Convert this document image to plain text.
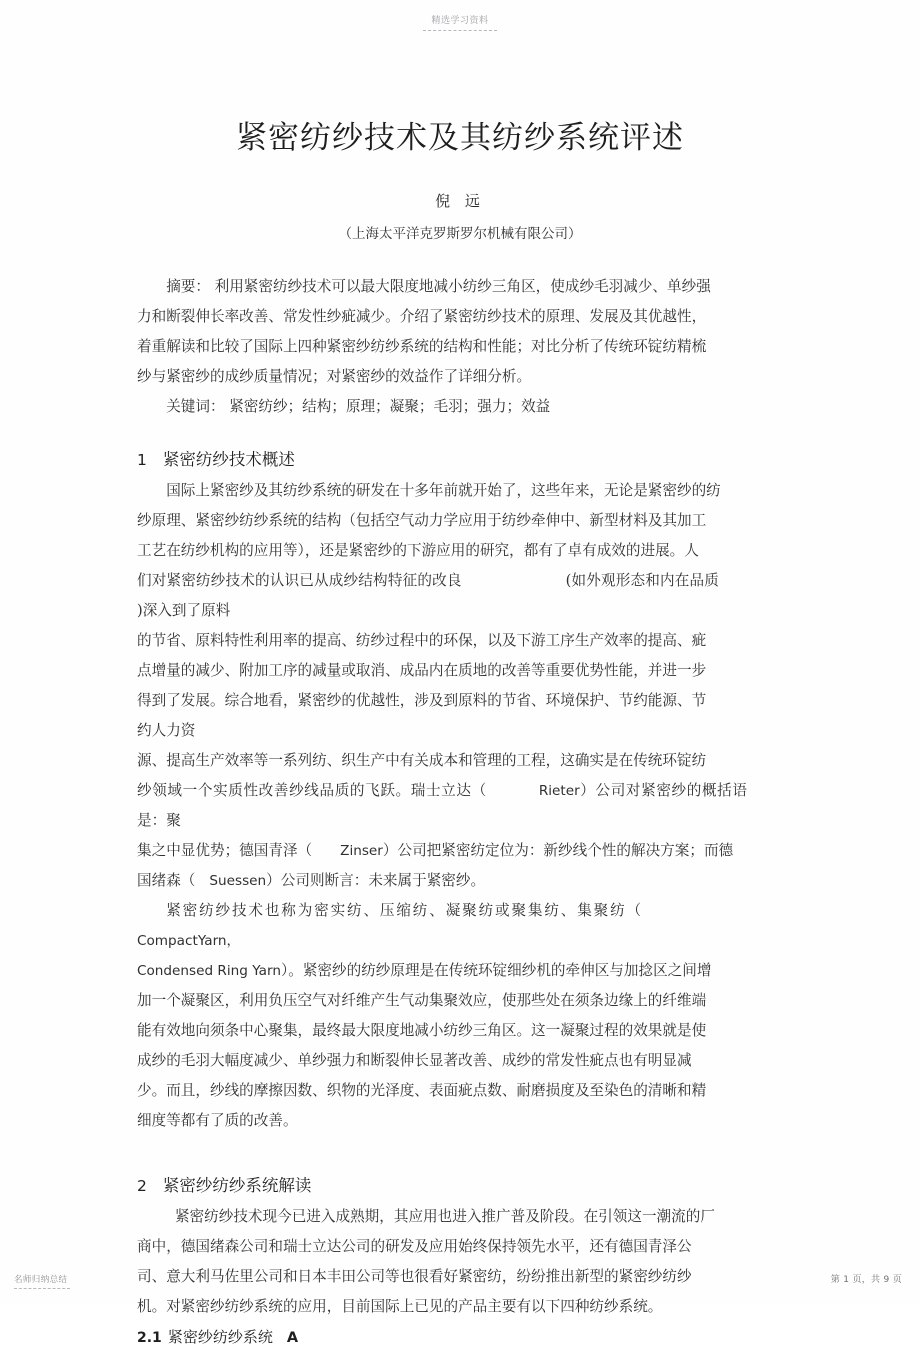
精选学习资料
紧密纺纱技术及其纺纱系统评述
倪 远
（上海太平洋克罗斯罗尔机械有限公司）

摘要： 利用紧密纺纱技术可以最大限度地减小纺纱三角区，使成纱毛羽减少、单纱强

力和断裂伸长率改善、常发性纱疵减少。介绍了紧密纺纱技术的原理、发展及其优越性，

着重解读和比较了国际上四种紧密纱纺纱系统的结构和性能；对比分析了传统环锭纺精梳

纱与紧密纱的成纱质量情况；对紧密纱的效益作了详细分析。

关键词： 紧密纺纱；结构；原理；凝聚；毛羽；强力；效益

1 紧密纺纱技术概述

国际上紧密纱及其纺纱系统的研发在十多年前就开始了，这些年来，无论是紧密纱的纺

纱原理、紧密纱纺纱系统的结构（包括空气动力学应用于纺纱牵伸中、新型材料及其加工

工艺在纺纱机构的应用等），还是紧密纱的下游应用的研究，都有了卓有成效的进展。人

们对紧密纺纱技术的认识已从成纱结构特征的改良	(如外观形态和内在品质)深入到了原料

的节省、原料特性利用率的提高、纺纱过程中的环保，以及下游工序生产效率的提高、疵

点增量的减少、附加工序的减量或取消、成品内在质地的改善等重要优势性能，并进一步

得到了发展。综合地看，紧密纱的优越性，涉及到原料的节省、环境保护、节约能源、节

约人力资

源、提高生产效率等一系列纺、织生产中有关成本和管理的工程，这确实是在传统环锭纺

纱领域一个实质性改善纱线品质的飞跃。瑞士立达（	Rieter）公司对紧密纱的概括语是：聚

集之中显优势；德国青泽（ Zinser）公司把紧密纺定位为：新纱线个性的解决方案；而德

国绪森（ Suessen）公司则断言：未来属于紧密纱。

紧密纺纱技术也称为密实纺、压缩纺、凝聚纺或聚集纺、集聚纺（CompactYarn，

Condensed Ring Yarn）。紧密纱的纺纱原理是在传统环锭细纱机的牵伸区与加捻区之间增

加一个凝聚区，利用负压空气对纤维产生气动集聚效应，使那些处在须条边缘上的纤维端

能有效地向须条中心聚集，最终最大限度地减小纺纱三角区。这一凝聚过程的效果就是使

成纱的毛羽大幅度减少、单纱强力和断裂伸长显著改善、成纱的常发性疵点也有明显减

少。而且，纱线的摩擦因数、织物的光泽度、表面疵点数、耐磨损度及至染色的清晰和精

细度等都有了质的改善。

2 紧密纱纺纱系统解读

紧密纺纱技术现今已进入成熟期，其应用也进入推广普及阶段。在引领这一潮流的厂

商中，德国绪森公司和瑞士立达公司的研发及应用始终保持领先水平，还有德国青泽公

司、意大利马佐里公司和日本丰田公司等也很看好紧密纺，纷纷推出新型的紧密纱纺纱

机。对紧密纱纺纱系统的应用，目前国际上已见的产品主要有以下四种纺纱系统。

2.1 紧密纱纺纱系统 A

名师归纳总结	第 1 页，共 9 页
